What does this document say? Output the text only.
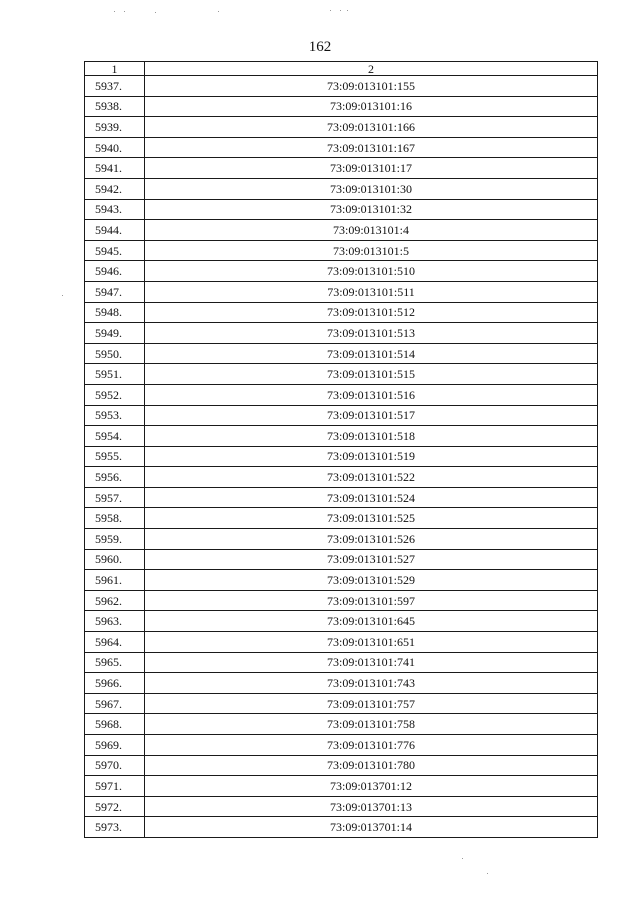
162
1	2
5937.	73:09:013101:155
5938.	73:09:013101:16
5939.	73:09:013101:166
5940.	73:09:013101:167
5941.	73:09:013101:17
5942.	73:09:013101:30
5943.	73:09:013101:32
5944.	73:09:013101:4
5945.	73:09:013101:5
5946.	73:09:013101:510
5947.	73:09:013101:511
5948.	73:09:013101:512
5949.	73:09:013101:513
5950.	73:09:013101:514
5951.	73:09:013101:515
5952.	73:09:013101:516
5953.	73:09:013101:517
5954.	73:09:013101:518
5955.	73:09:013101:519
5956.	73:09:013101:522
5957.	73:09:013101:524
5958.	73:09:013101:525
5959.	73:09:013101:526
5960.	73:09:013101:527
5961.	73:09:013101:529
5962.	73:09:013101:597
5963.	73:09:013101:645
5964.	73:09:013101:651
5965.	73:09:013101:741
5966.	73:09:013101:743
5967.	73:09:013101:757
5968.	73:09:013101:758
5969.	73:09:013101:776
5970.	73:09:013101:780
5971.	73:09:013701:12
5972.	73:09:013701:13
5973.	73:09:013701:14
